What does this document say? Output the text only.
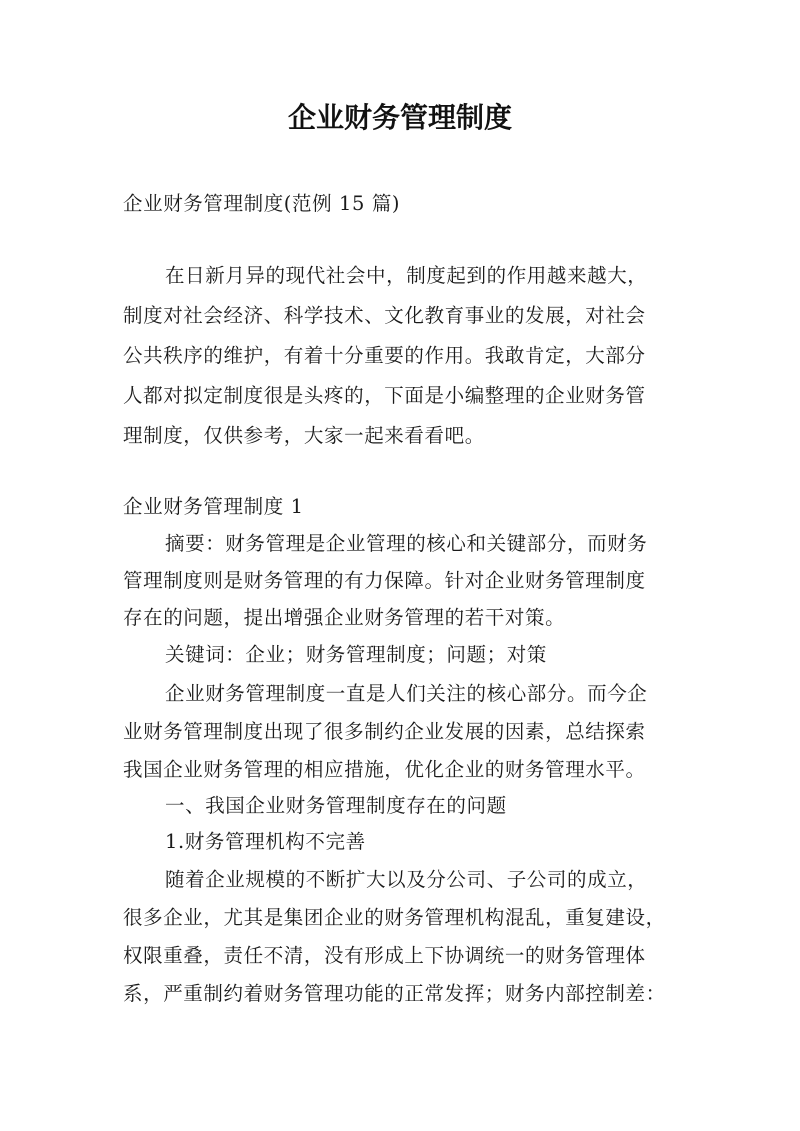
企业财务管理制度
企业财务管理制度(范例 15 篇)
在日新月异的现代社会中，制度起到的作用越来越大，
制度对社会经济、科学技术、文化教育事业的发展，对社会
公共秩序的维护，有着十分重要的作用。我敢肯定，大部分
人都对拟定制度很是头疼的，下面是小编整理的企业财务管
理制度，仅供参考，大家一起来看看吧。
企业财务管理制度 1
摘要：财务管理是企业管理的核心和关键部分，而财务
管理制度则是财务管理的有力保障。针对企业财务管理制度
存在的问题，提出增强企业财务管理的若干对策。
关键词：企业；财务管理制度；问题；对策
企业财务管理制度一直是人们关注的核心部分。而今企
业财务管理制度出现了很多制约企业发展的因素，总结探索
我国企业财务管理的相应措施，优化企业的财务管理水平。
一、我国企业财务管理制度存在的问题
1.财务管理机构不完善
随着企业规模的不断扩大以及分公司、子公司的成立，
很多企业，尤其是集团企业的财务管理机构混乱，重复建设，
权限重叠，责任不清，没有形成上下协调统一的财务管理体
系，严重制约着财务管理功能的正常发挥；财务内部控制差：
